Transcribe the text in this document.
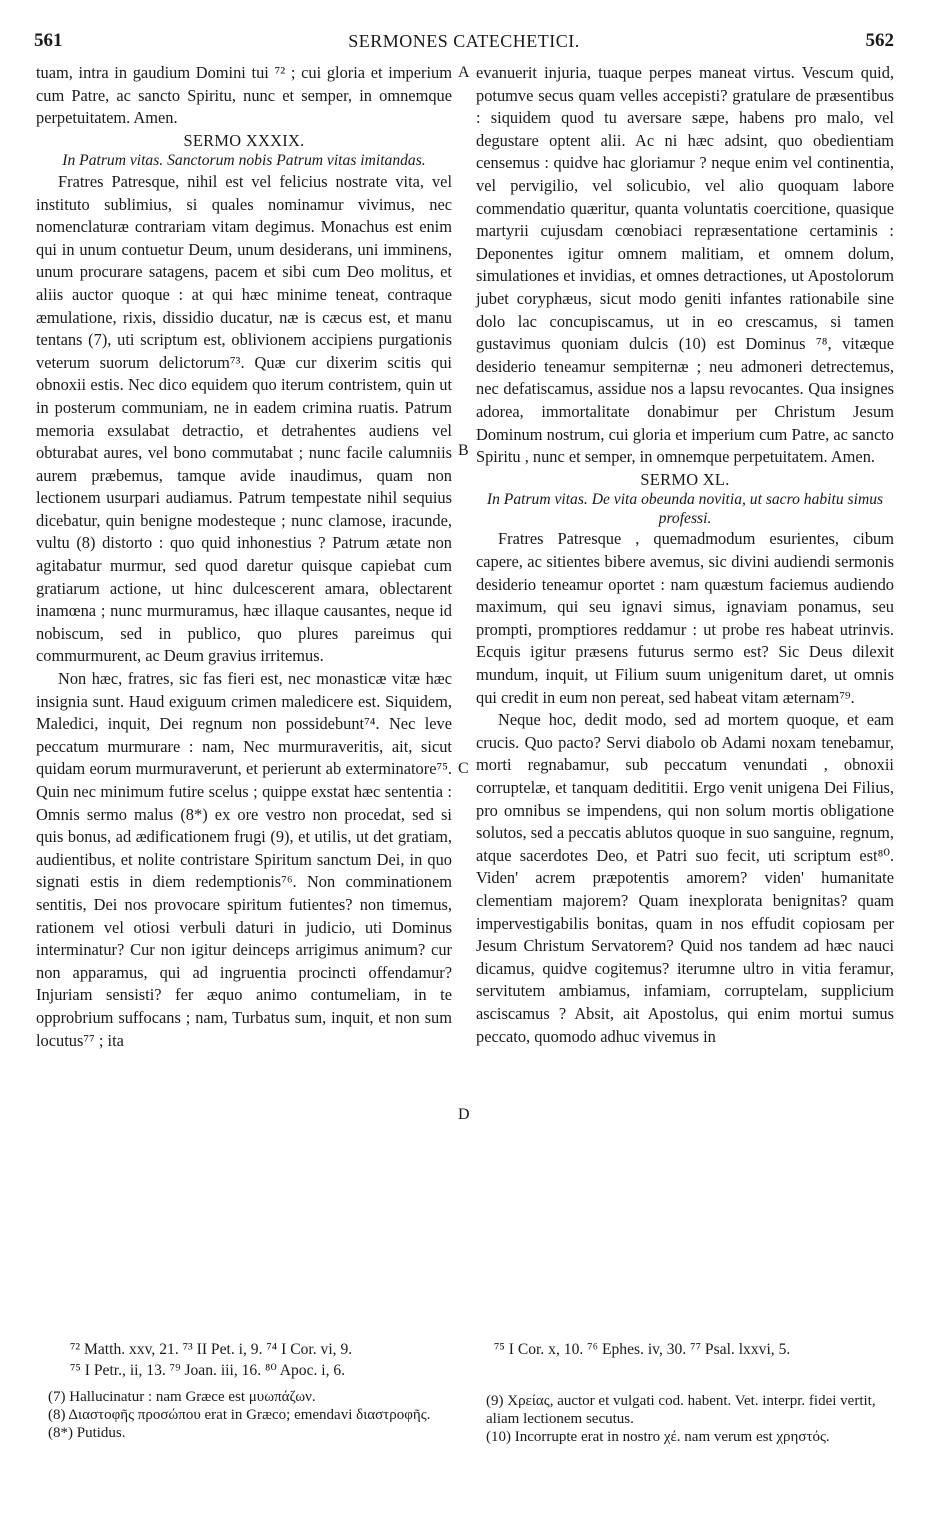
561	SERMONES CATECHETICI.	562

tuam, intra in gaudium Domini tui ⁷² ; cui gloria et imperium cum Patre, ac sancto Spiritu, nunc et semper, in omnemque perpetuitatem. Amen.

SERMO XXXIX.

In Patrum vitas. Sanctorum nobis Patrum vitas imitandas.

Fratres Patresque, nihil est vel felicius nostrate vita, vel instituto sublimius, si quales nominamur vivimus, nec nomenclaturæ contrariam vitam degimus. Monachus est enim qui in unum contuetur Deum, unum desiderans, uni imminens, unum procurare satagens, pacem et sibi cum Deo molitus, et aliis auctor quoque : at qui hæc minime teneat, contraque æmulatione, rixis, dissidio ducatur, næ is cæcus est, et manu tentans (7), uti scriptum est, oblivionem accipiens purgationis veterum suorum delictorum⁷³. Quæ cur dixerim scitis qui obnoxii estis. Nec dico equidem quo iterum contristem, quin ut in posterum communiam, ne in eadem crimina ruatis. Patrum memoria exsulabat detractio, et detrahentes audiens vel obturabat aures, vel bono commutabat ; nunc facile calumniis aurem præbemus, tamque avide inaudimus, quam non lectionem usurpari audiamus. Patrum tempestate nihil sequius dicebatur, quin benigne modesteque ; nunc clamose, iracunde, vultu (8) distorto : quo quid inhonestius ? Patrum ætate non agitabatur murmur, sed quod daretur quisque capiebat cum gratiarum actione, ut hinc dulcescerent amara, oblectarent inamœna ; nunc murmuramus, hæc illaque causantes, neque id nobiscum, sed in publico, quo plures pareimus qui commurmurent, ac Deum gravius irritemus.

Non hæc, fratres, sic fas fieri est, nec monasticæ vitæ hæc insignia sunt. Haud exiguum crimen maledicere est. Siquidem, Maledici, inquit, Dei regnum non possidebunt⁷⁴. Nec leve peccatum murmurare : nam, Nec murmuraveritis, ait, sicut quidam eorum murmuraverunt, et perierunt ab exterminatore⁷⁵. Quin nec minimum futire scelus ; quippe exstat hæc sententia : Omnis sermo malus (8*) ex ore vestro non procedat, sed si quis bonus, ad ædificationem frugi (9), et utilis, ut det gratiam, audientibus, et nolite contristare Spiritum sanctum Dei, in quo signati estis in diem redemptionis⁷⁶. Non comminationem sentitis, Dei nos provocare spiritum futientes? non timemus, rationem vel otiosi verbuli daturi in judicio, uti Dominus interminatur? Cur non igitur deinceps arrigimus animum? cur non apparamus, qui ad ingruentia procincti offendamur? Injuriam sensisti? fer æquo animo contumeliam, in te opprobrium suffocans ; nam, Turbatus sum, inquit, et non sum locutus⁷⁷ ; ita

A
B
C
D

evanuerit injuria, tuaque perpes maneat virtus. Vescum quid, potumve secus quam velles accepisti? gratulare de præsentibus : siquidem quod tu aversare sæpe, habens pro malo, vel degustare optent alii. Ac ni hæc adsint, quo obedientiam censemus : quidve hac gloriamur ? neque enim vel continentia, vel pervigilio, vel solicubio, vel alio quoquam labore commendatio quæritur, quanta voluntatis coercitione, quasique martyrii cujusdam cœnobiaci repræsentatione certaminis : Deponentes igitur omnem malitiam, et omnem dolum, simulationes et invidias, et omnes detractiones, ut Apostolorum jubet coryphæus, sicut modo geniti infantes rationabile sine dolo lac concupiscamus, ut in eo crescamus, si tamen gustavimus quoniam dulcis (10) est Dominus ⁷⁸, vitæque desiderio teneamur sempiternæ ; neu admoneri detrectemus, nec defatiscamus, assidue nos a lapsu revocantes. Qua insignes adorea, immortalitate donabimur per Christum Jesum Dominum nostrum, cui gloria et imperium cum Patre, ac sancto Spiritu , nunc et semper, in omnemque perpetuitatem. Amen.

SERMO XL.

In Patrum vitas. De vita obeunda novitia, ut sacro habitu simus professi.

Fratres Patresque , quemadmodum esurientes, cibum capere, ac sitientes bibere avemus, sic divini audiendi sermonis desiderio teneamur oportet : nam quæstum faciemus audiendo maximum, qui seu ignavi simus, ignaviam ponamus, seu prompti, promptiores reddamur : ut probe res habeat utrinvis. Ecquis igitur præsens futurus sermo est? Sic Deus dilexit mundum, inquit, ut Filium suum unigenitum daret, ut omnis qui credit in eum non pereat, sed habeat vitam æternam⁷⁹.

Neque hoc, dedit modo, sed ad mortem quoque, et eam crucis. Quo pacto? Servi diabolo ob Adami noxam tenebamur, morti regnabamur, sub peccatum venundati , obnoxii corruptelæ, et tanquam dedititii. Ergo venit unigena Dei Filius, pro omnibus se impendens, qui non solum mortis obligatione solutos, sed a peccatis ablutos quoque in suo sanguine, regnum, atque sacerdotes Deo, et Patri suo fecit, uti scriptum est⁸⁰. Viden' acrem præpotentis amorem? viden' humanitate clementiam majorem? Quam inexplorata benignitas? quam impervestigabilis bonitas, quam in nos effudit copiosam per Jesum Christum Servatorem? Quid nos tandem ad hæc nauci dicamus, quidve cogitemus? iterumne ultro in vitia feramur, servitutem ambiamus, infamiam, corruptelam, supplicium asciscamus ? Absit, ait Apostolus, qui enim mortui sumus peccato, quomodo adhuc vivemus in

⁷² Matth. xxv, 21. ⁷³ II Pet. i, 9. ⁷⁴ I Cor. vi, 9.
⁷⁵ I Petr., ii, 13. ⁷⁹ Joan. iii, 16. ⁸⁰ Apoc. i, 6.
⁷⁵ I Cor. x, 10. ⁷⁶ Ephes. iv, 30. ⁷⁷ Psal. lxxvi, 5.

(7) Hallucinatur : nam Græce est μυωπάζων.

(8) Διαστοφῆς προσώπου erat in Græco; emendavi διαστροφῆς.

(8*) Putidus.

(9) Χρείας, auctor et vulgati cod. habent. Vet. interpr. fidei vertit, aliam lectionem secutus.

(10) Incorrupte erat in nostro χέ. nam verum est χρηστός.
